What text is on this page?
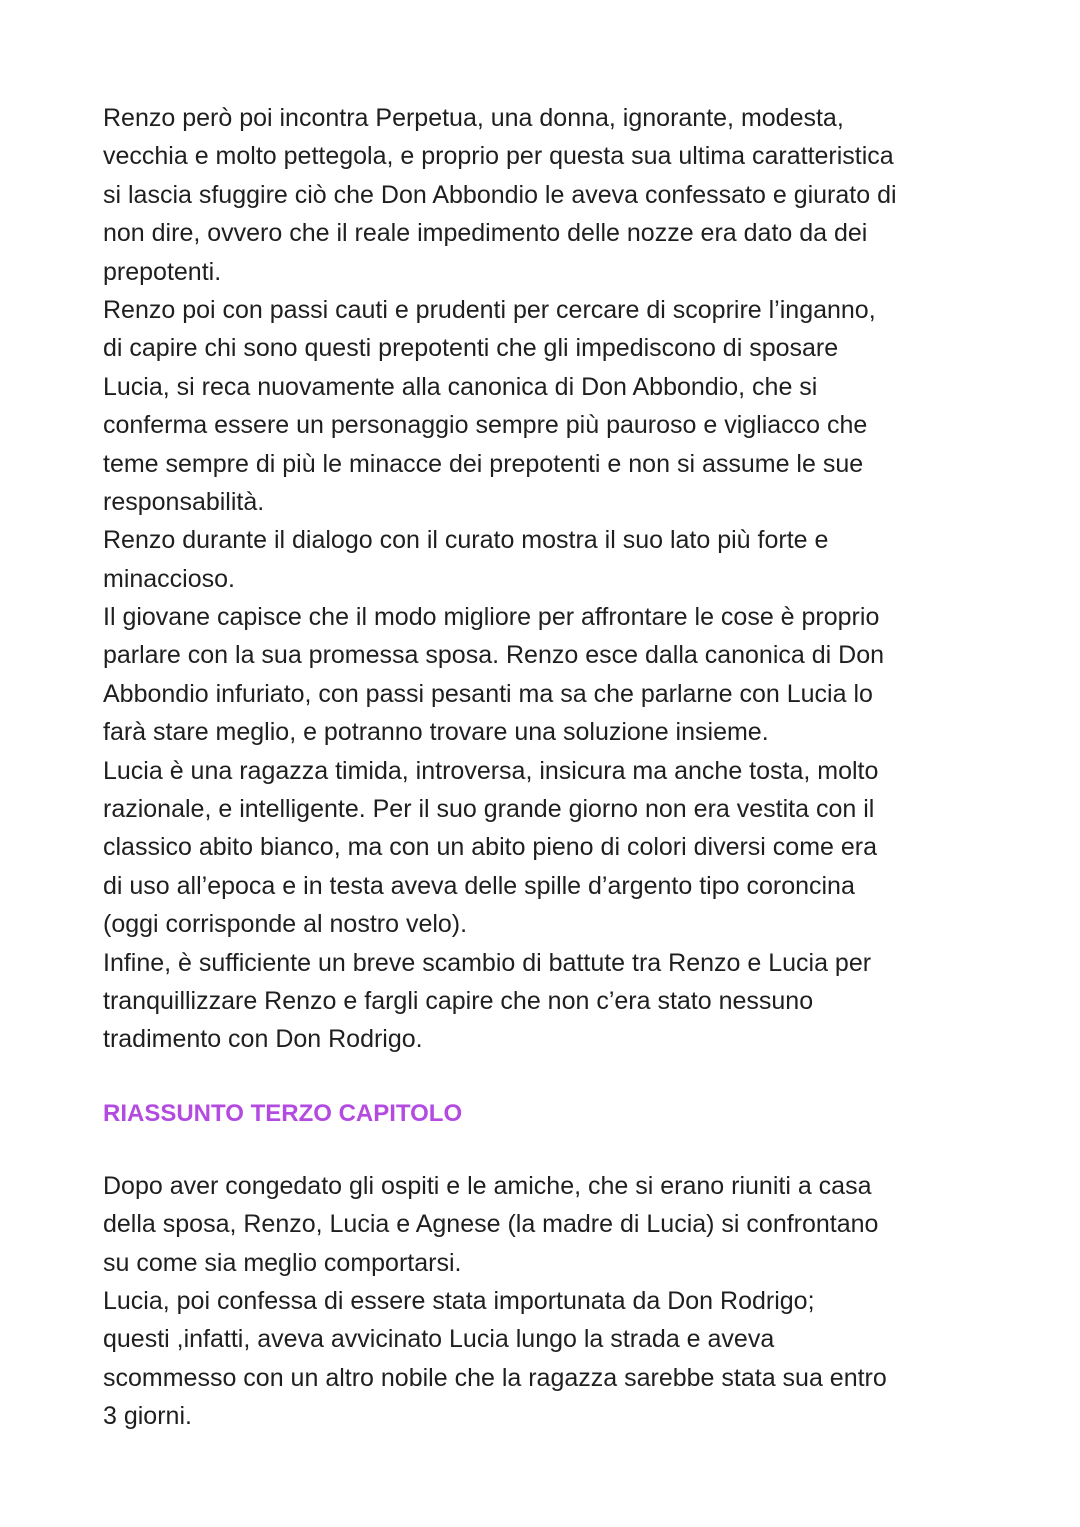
Renzo però poi incontra Perpetua, una donna, ignorante, modesta,
vecchia e molto pettegola, e proprio per questa sua ultima caratteristica
si lascia sfuggire ciò che Don Abbondio le aveva confessato e giurato di
non dire, ovvero che il reale impedimento delle nozze era dato da dei
prepotenti.
Renzo poi con passi cauti e prudenti per cercare di scoprire l’inganno,
di capire chi sono questi prepotenti che gli impediscono di sposare
Lucia, si reca nuovamente alla canonica di Don Abbondio, che si
conferma essere un personaggio sempre più pauroso e vigliacco che
teme sempre di più le minacce dei prepotenti e non si assume le sue
responsabilità.
Renzo durante il dialogo con il curato mostra il suo lato più forte e
minaccioso.
Il giovane capisce che il modo migliore per affrontare le cose è proprio
parlare con la sua promessa sposa. Renzo esce dalla canonica di Don
Abbondio infuriato, con passi pesanti ma sa che parlarne con Lucia lo
farà stare meglio, e potranno trovare una soluzione insieme.
Lucia è una ragazza timida, introversa, insicura ma anche tosta, molto
razionale, e intelligente. Per il suo grande giorno non era vestita con il
classico abito bianco, ma con un abito pieno di colori diversi come era
di uso all’epoca e in testa aveva delle spille d’argento tipo coroncina
(oggi corrisponde al nostro velo).
Infine, è sufficiente un breve scambio di battute tra Renzo e Lucia per
tranquillizzare Renzo e fargli capire che non c’era stato nessuno
tradimento con Don Rodrigo.
RIASSUNTO TERZO CAPITOLO
Dopo aver congedato gli ospiti e le amiche, che si erano riuniti a casa
della sposa, Renzo, Lucia e Agnese (la madre di Lucia) si confrontano
su come sia meglio comportarsi.
Lucia, poi confessa di essere stata importunata da Don Rodrigo;
questi ,infatti, aveva avvicinato Lucia lungo la strada e aveva
scommesso con un altro nobile che la ragazza sarebbe stata sua entro
3 giorni.
